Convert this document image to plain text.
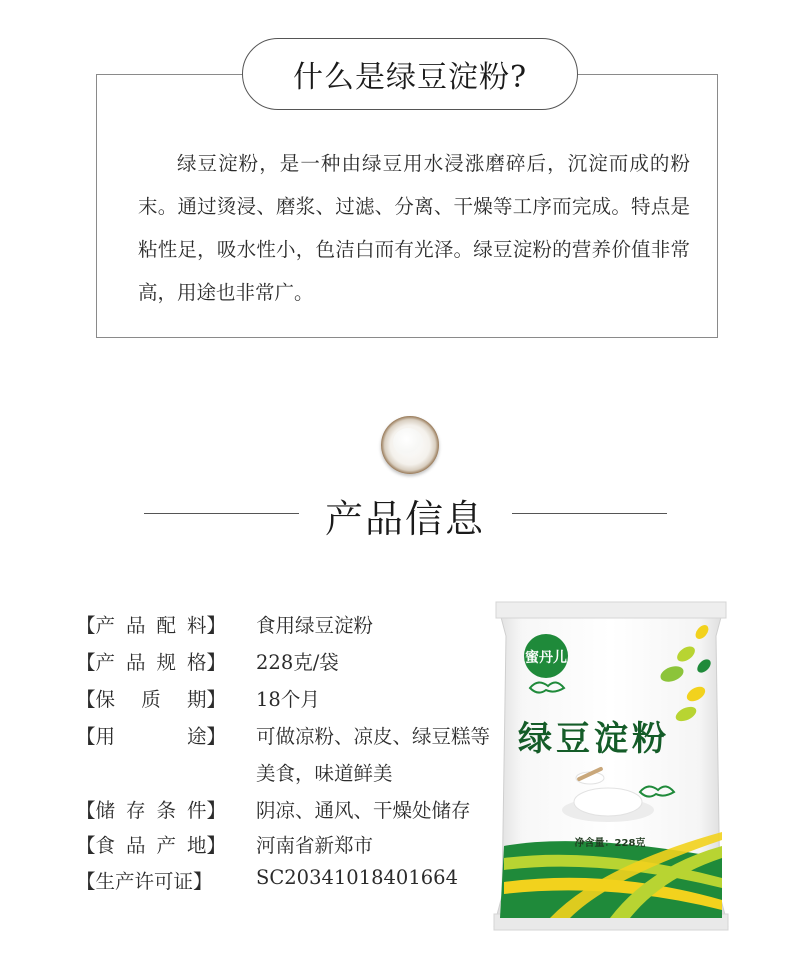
什么是绿豆淀粉?

绿豆淀粉，是一种由绿豆用水浸涨磨碎后，沉淀而成的粉末。通过烫浸、磨浆、过滤、分离、干燥等工序而完成。特点是粘性足，吸水性小，色洁白而有光泽。绿豆淀粉的营养价值非常高，用途也非常广。

产品信息
【产 品 配 料】 食用绿豆淀粉
【产 品 规 格】 228克/袋
【保 质 期】 18个月
【用	途】 可做凉粉、凉皮、绿豆糕等
美食，味道鲜美
【储 存 条 件】 阴凉、通风、干燥处储存
【食 品 产 地】 河南省新郑市
【生产许可证】 SC20341018401664
蜜丹儿
绿豆淀粉
净含量：228克
